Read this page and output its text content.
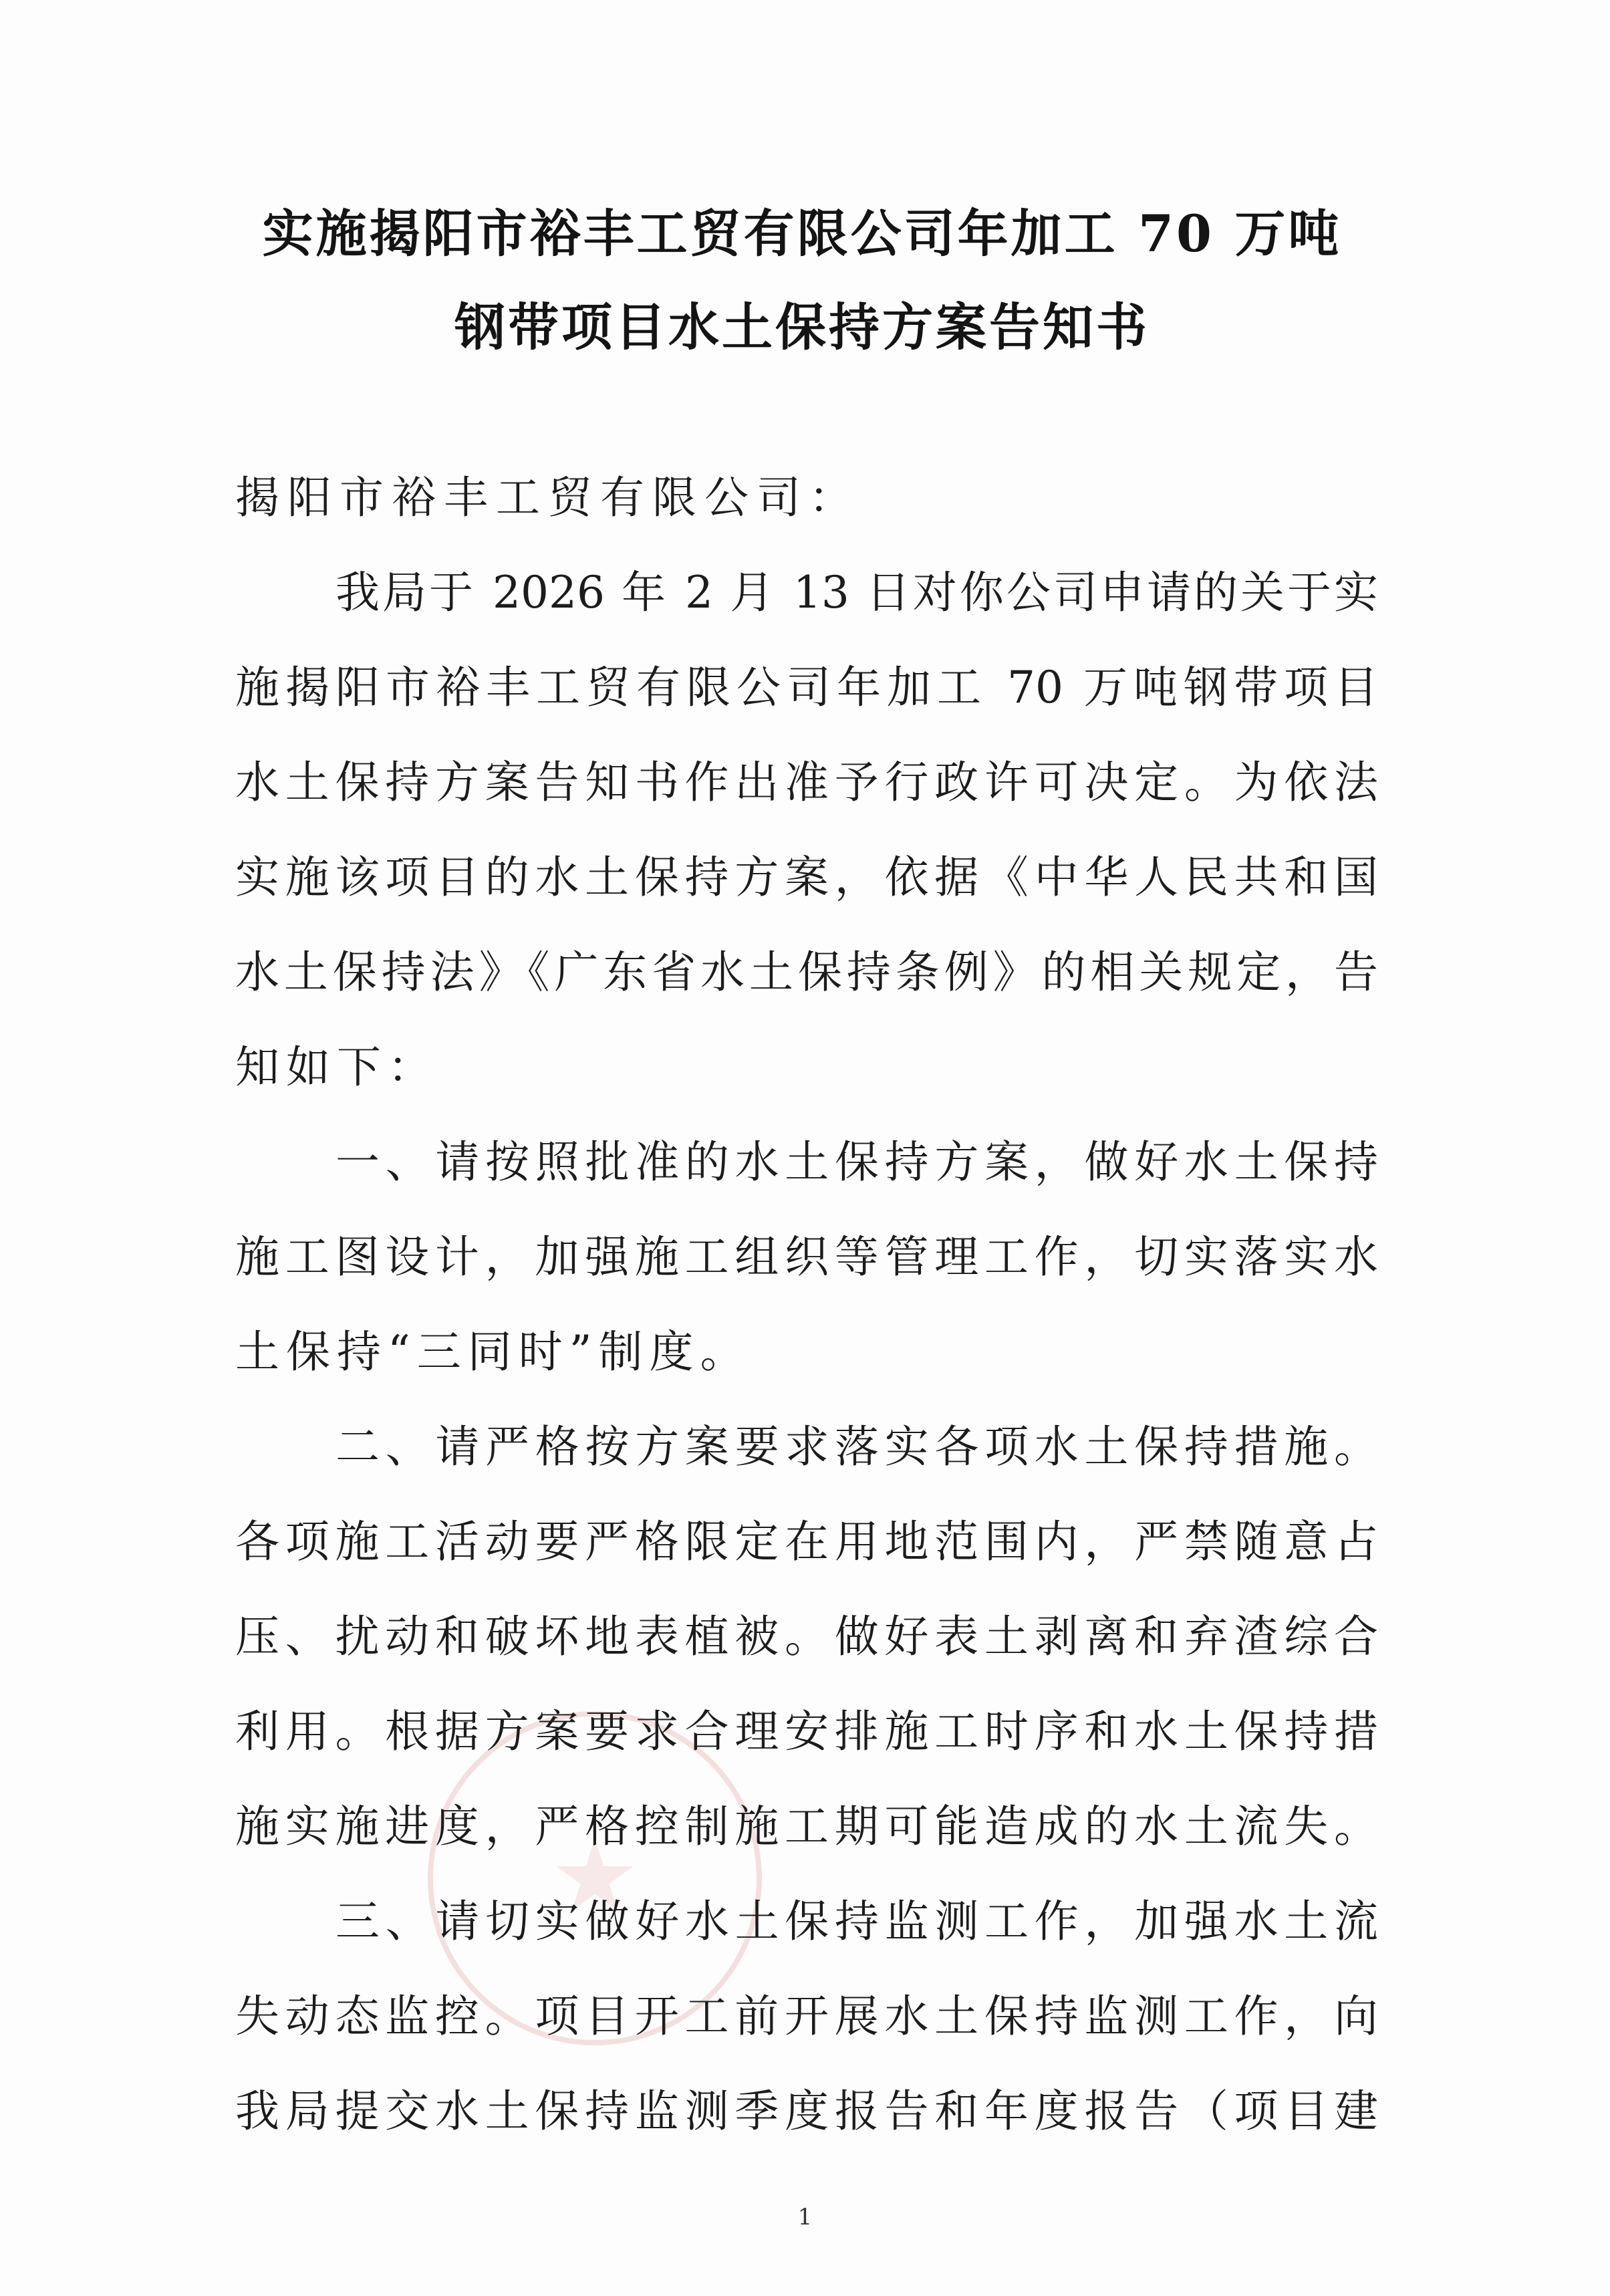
实施揭阳市裕丰工贸有限公司年加工 70 万吨
钢带项目水土保持方案告知书
揭阳市裕丰工贸有限公司：
我局于 2026 年 2 月 13 日对你公司申请的关于实
施揭阳市裕丰工贸有限公司年加工 70 万吨钢带项目
水土保持方案告知书作出准予行政许可决定。为依法
实施该项目的水土保持方案，依据《中华人民共和国
水土保持法》《广东省水土保持条例》的相关规定，告
知如下：
一、请按照批准的水土保持方案，做好水土保持
施工图设计，加强施工组织等管理工作，切实落实水
土保持“三同时”制度。
二、请严格按方案要求落实各项水土保持措施。
各项施工活动要严格限定在用地范围内，严禁随意占
压、扰动和破坏地表植被。做好表土剥离和弃渣综合
利用。根据方案要求合理安排施工时序和水土保持措
施实施进度，严格控制施工期可能造成的水土流失。
三、请切实做好水土保持监测工作，加强水土流
失动态监控。项目开工前开展水土保持监测工作，向
我局提交水土保持监测季度报告和年度报告（项目建
1
